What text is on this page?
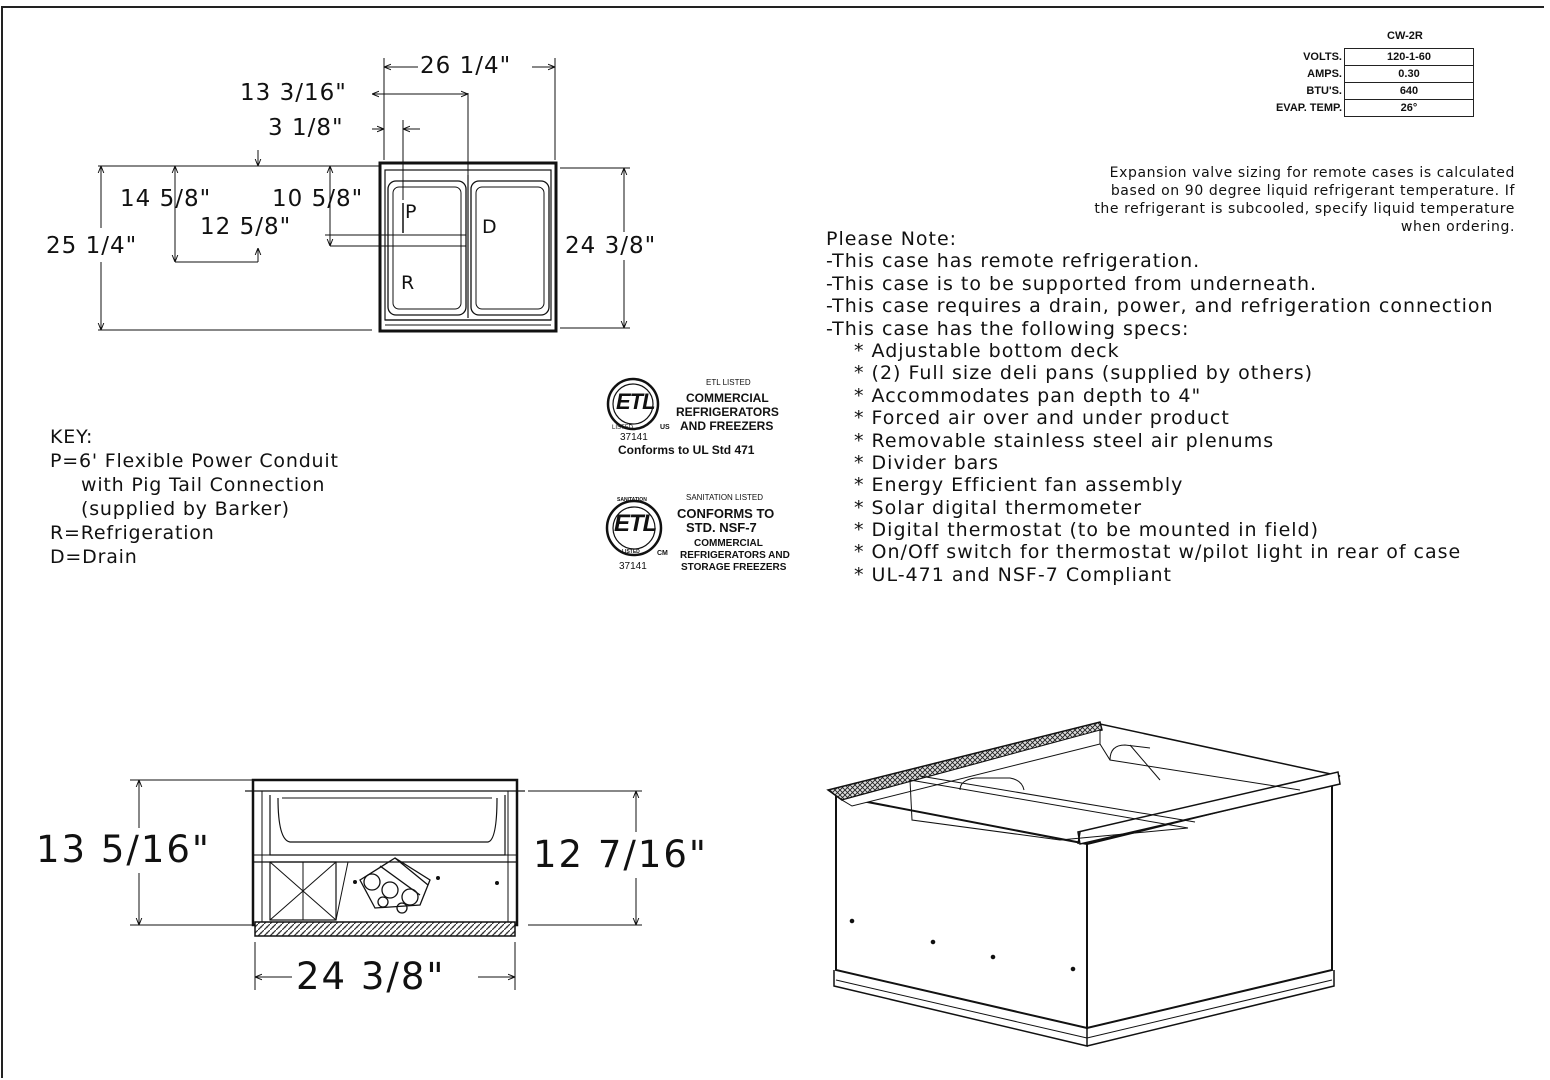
26 1/4"
13 3/16"
3 1/8"
14 5/8"	10 5/8"
12 5/8"
25 1/4"	24 3/8"
P
D
R
13 5/16"	12 7/16"
24 3/8"
CW-2R
VOLTS.	120-1-60
AMPS.	0.30
BTU'S.	640
EVAP. TEMP.	26°
Expansion valve sizing for remote cases is calculated
based on 90 degree liquid refrigerant temperature. If
the refrigerant is subcooled, specify liquid temperature
when ordering.
Please Note:
-This case has remote refrigeration.
-This case is to be supported from underneath.
-This case requires a drain, power, and refrigeration connection
-This case has the following specs:
* Adjustable bottom deck
* (2) Full size deli pans (supplied by others)
* Accommodates pan depth to 4"
* Forced air over and under product
* Removable stainless steel air plenums
* Divider bars
* Energy Efficient fan assembly
* Solar digital thermometer
* Digital thermostat (to be mounted in field)
* On/Off switch for thermostat w/pilot light in rear of case
* UL-471 and NSF-7 Compliant
KEY:
P=6' Flexible Power Conduit
with Pig Tail Connection
(supplied by Barker)
R=Refrigeration
D=Drain
ETL
LISTED	US
37141
ETL LISTED
COMMERCIAL
REFRIGERATORS
AND FREEZERS
Conforms to UL Std 471
ETL
SANITATION
LISTED CM
37141
SANITATION LISTED
CONFORMS TO
STD. NSF-7
COMMERCIAL
REFRIGERATORS AND
STORAGE FREEZERS
